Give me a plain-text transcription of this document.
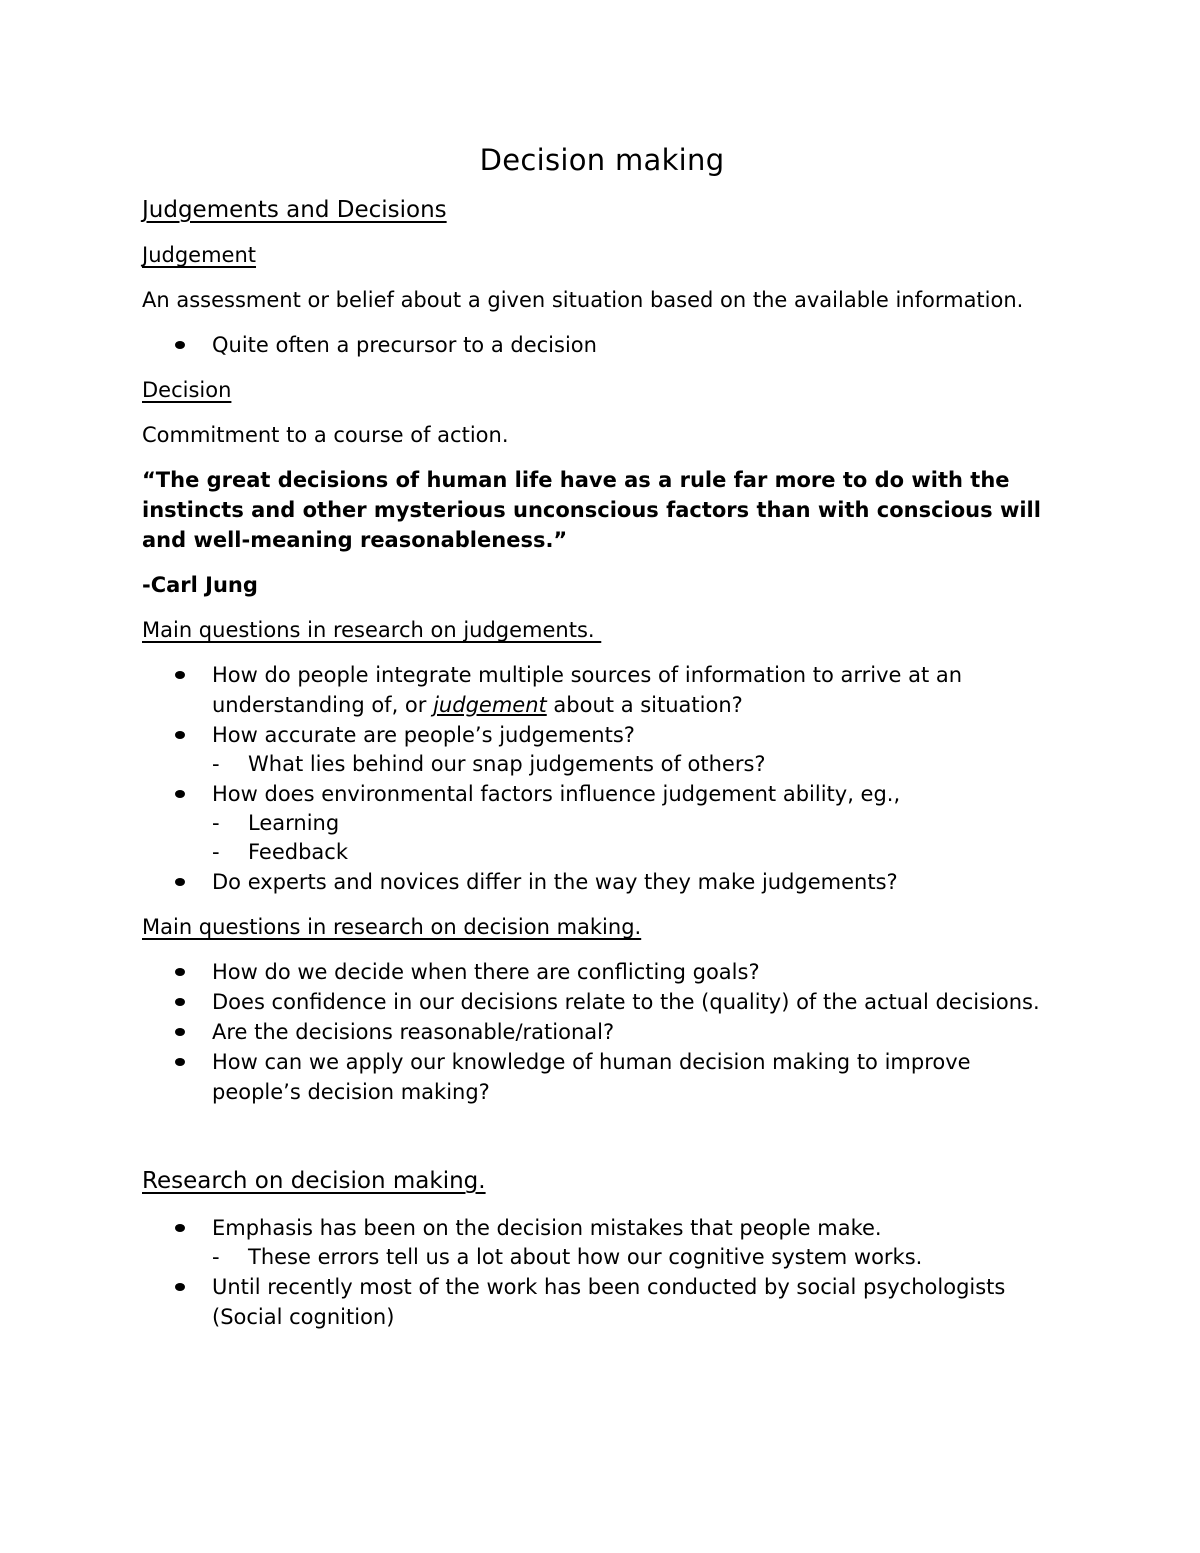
Decision making
Judgements and Decisions
Judgement

An assessment or belief about a given situation based on the available information.

Quite often a precursor to a decision
Decision

Commitment to a course of action.

“The great decisions of human life have as a rule far more to do with the instincts and other mysterious unconscious factors than with conscious will and well-meaning reasonableness.”

-Carl Jung

Main questions in research on judgements.
How do people integrate multiple sources of information to arrive at an understanding of, or judgement about a situation?
How accurate are people’s judgements?
- What lies behind our snap judgements of others?
How does environmental factors influence judgement ability, eg.,
- Learning
- Feedback
Do experts and novices differ in the way they make judgements?
Main questions in research on decision making.
How do we decide when there are conflicting goals?
Does confidence in our decisions relate to the (quality) of the actual decisions.
Are the decisions reasonable/rational?
How can we apply our knowledge of human decision making to improve people’s decision making?
Research on decision making.
Emphasis has been on the decision mistakes that people make.
- These errors tell us a lot about how our cognitive system works.
Until recently most of the work has been conducted by social psychologists (Social cognition)
